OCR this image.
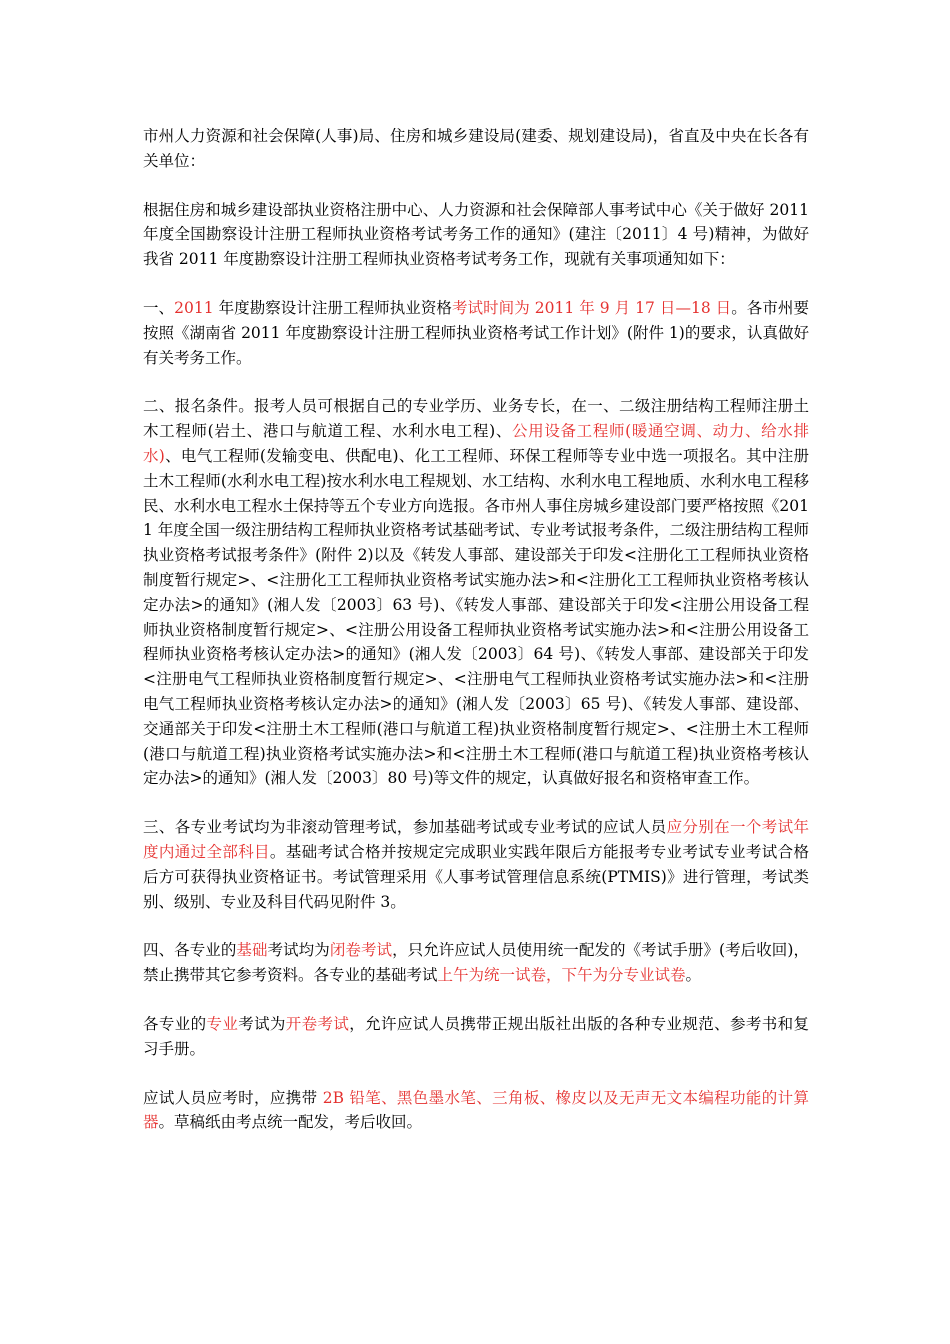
市州人力资源和社会保障(人事)局、住房和城乡建设局(建委、规划建设局)，省直及中央在长各有关单位：

根据住房和城乡建设部执业资格注册中心、人力资源和社会保障部人事考试中心《关于做好 2011 年度全国勘察设计注册工程师执业资格考试考务工作的通知》(建注〔2011〕4 号)精神，为做好我省 2011 年度勘察设计注册工程师执业资格考试考务工作，现就有关事项通知如下：

一、2011 年度勘察设计注册工程师执业资格考试时间为 2011 年 9 月 17 日—18 日。各市州要按照《湖南省 2011 年度勘察设计注册工程师执业资格考试工作计划》(附件 1)的要求，认真做好有关考务工作。

二、报名条件。报考人员可根据自己的专业学历、业务专长，在一、二级注册结构工程师注册土木工程师(岩土、港口与航道工程、水利水电工程)、公用设备工程师(暖通空调、动力、给水排水)、电气工程师(发输变电、供配电)、化工工程师、环保工程师等专业中选一项报名。其中注册土木工程师(水利水电工程)按水利水电工程规划、水工结构、水利水电工程地质、水利水电工程移民、水利水电工程水土保持等五个专业方向选报。各市州人事住房城乡建设部门要严格按照《2011 年度全国一级注册结构工程师执业资格考试基础考试、专业考试报考条件，二级注册结构工程师执业资格考试报考条件》(附件 2)以及《转发人事部、建设部关于印发<注册化工工程师执业资格制度暂行规定>、<注册化工工程师执业资格考试实施办法>和<注册化工工程师执业资格考核认定办法>的通知》(湘人发〔2003〕63 号)、《转发人事部、建设部关于印发<注册公用设备工程师执业资格制度暂行规定>、<注册公用设备工程师执业资格考试实施办法>和<注册公用设备工程师执业资格考核认定办法>的通知》(湘人发〔2003〕64 号)、《转发人事部、建设部关于印发<注册电气工程师执业资格制度暂行规定>、<注册电气工程师执业资格考试实施办法>和<注册电气工程师执业资格考核认定办法>的通知》(湘人发〔2003〕65 号)、《转发人事部、建设部、交通部关于印发<注册土木工程师(港口与航道工程)执业资格制度暂行规定>、<注册土木工程师(港口与航道工程)执业资格考试实施办法>和<注册土木工程师(港口与航道工程)执业资格考核认定办法>的通知》(湘人发〔2003〕80 号)等文件的规定，认真做好报名和资格审查工作。

三、各专业考试均为非滚动管理考试，参加基础考试或专业考试的应试人员应分别在一个考试年度内通过全部科目。基础考试合格并按规定完成职业实践年限后方能报考专业考试专业考试合格后方可获得执业资格证书。考试管理采用《人事考试管理信息系统(PTMIS)》进行管理，考试类别、级别、专业及科目代码见附件 3。

四、各专业的基础考试均为闭卷考试，只允许应试人员使用统一配发的《考试手册》(考后收回)，禁止携带其它参考资料。各专业的基础考试上午为统一试卷，下午为分专业试卷。

各专业的专业考试为开卷考试，允许应试人员携带正规出版社出版的各种专业规范、参考书和复习手册。

应试人员应考时，应携带 2B 铅笔、黑色墨水笔、三角板、橡皮以及无声无文本编程功能的计算器。草稿纸由考点统一配发，考后收回。
